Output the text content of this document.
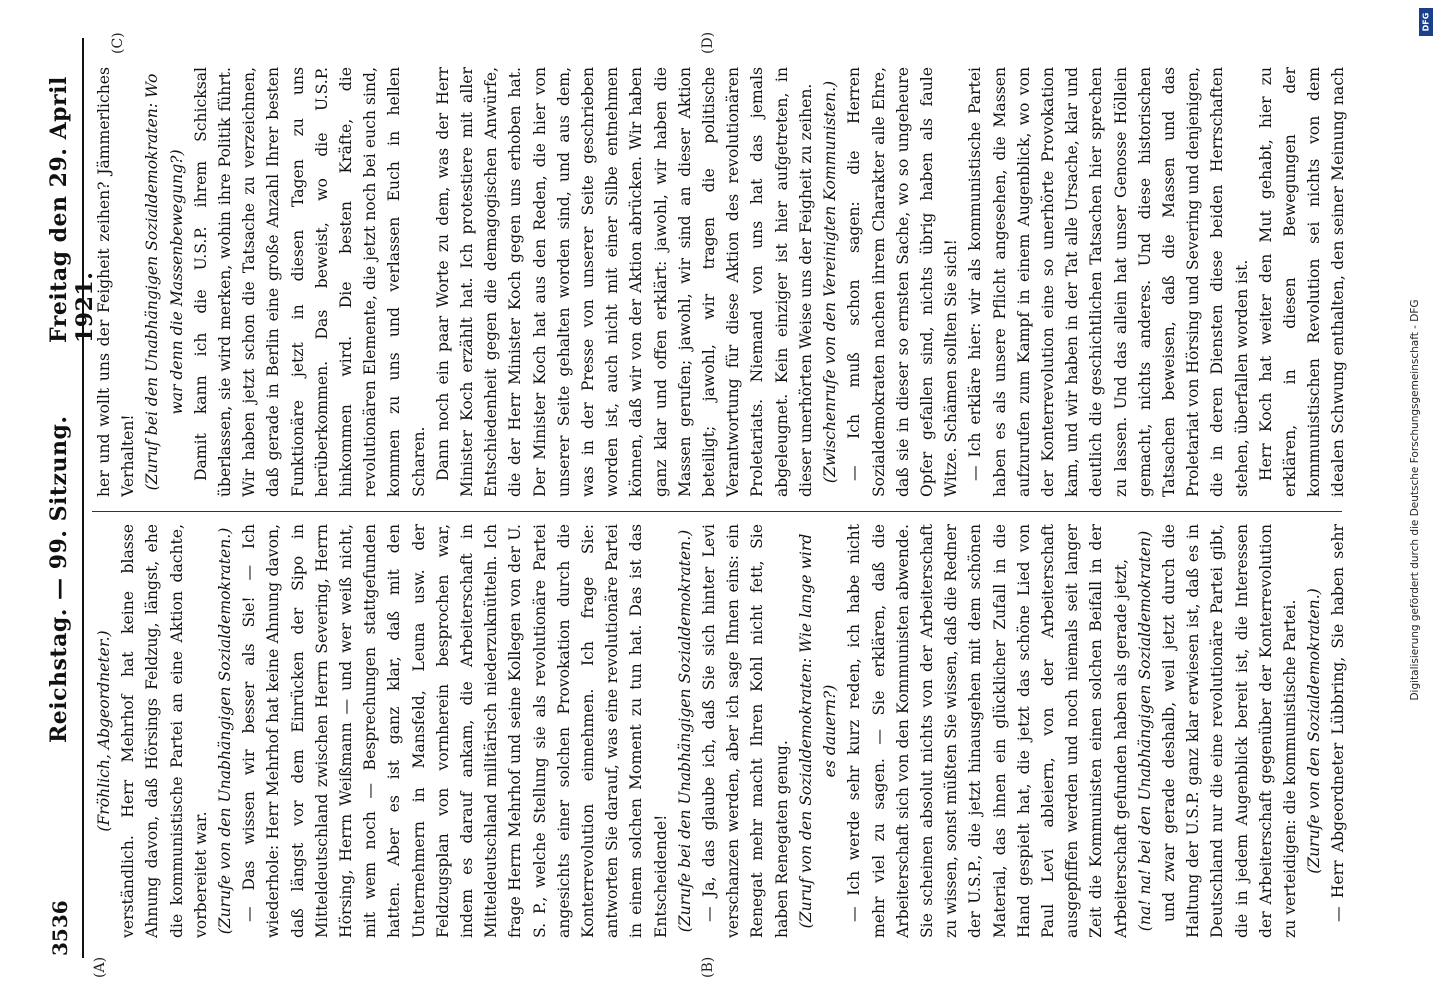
3536
Reichstag. — 99. Sitzung.
Freitag den 29. April 1921.
(A)	(B)
(C)	(D)

(Fröhlich, Abgeordneter.) verständlich. Herr Mehrhof hat keine blasse Ahnung davon, daß Hörsings Feldzug, längst, ehe die kommunistische Partei an eine Aktion dachte, vorbereitet war. (Zurufe von den Unabhängigen Sozialdemokraten.) — Das wissen wir besser als Sie! — Ich wiederhole: Herr Mehrhof hat keine Ahnung davon, daß längst vor dem Einrücken der Sipo in Mitteldeutschland zwischen Herrn Severing, Herrn Hörsing, Herrn Weißmann — und wer weiß nicht, mit wem noch — Besprechungen stattgefunden hatten. Aber es ist ganz klar, daß mit den Unternehmern in Mansfeld, Leuna usw. der Feldzugsplan von vornherein besprochen war, indem es darauf ankam, die Arbeiterschaft in Mitteldeutschland militärisch niederzuknütteln. Ich frage Herrn Mehrhof und seine Kollegen von der U. S. P., welche Stellung sie als revolutionäre Partei angesichts einer solchen Provokation durch die Konterrevolution einnehmen. Ich frage Sie: antworten Sie darauf, was eine revolutionäre Partei in einem solchen Moment zu tun hat. Das ist das Entscheidende! (Zurufe bei den Unabhängigen Sozialdemokraten.) — Ja, das glaube ich, daß Sie sich hinter Levi verschanzen werden, aber ich sage Ihnen eins: ein Renegat mehr macht Ihren Kohl nicht fett, Sie haben Renegaten genug. (Zuruf von den Sozialdemokraten: Wie lange wird es dauern?) — Ich werde sehr kurz reden, ich habe nicht mehr viel zu sagen. — Sie erklären, daß die Arbeiterschaft sich von den Kommunisten abwende. Sie scheinen absolut nichts von der Arbeiterschaft zu wissen, sonst müßten Sie wissen, daß die Redner der U.S.P., die jetzt hinausgehen mit dem schönen Material, das ihnen ein glücklicher Zufall in die Hand gespielt hat, die jetzt das schöne Lied von Paul Levi ableiern, von der Arbeiterschaft ausgepfiffen werden und noch niemals seit langer Zeit die Kommunisten einen solchen Beifall in der Arbeiterschaft gefunden haben als gerade jetzt, (na! na! bei den Unabhängigen Sozialdemokraten) und zwar gerade deshalb, weil jetzt durch die Haltung der U.S.P. ganz klar erwiesen ist, daß es in Deutschland nur die eine revolutionäre Partei gibt, die in jedem Augenblick bereit ist, die Interessen der Arbeiterschaft gegenüber der Konterrevolution zu verteidigen: die kommunistische Partei. (Zurufe von den Sozialdemokraten.)

— Herr Abgeordneter Lübbring, Sie haben sehr

her und wollt uns der Feigheit zeihen? Jämmerliches Verhalten! (Zuruf bei den Unabhängigen Sozialdemokraten: Wo war denn die Massenbewegung?) Damit kann ich die U.S.P. ihrem Schicksal überlassen, sie wird merken, wohin ihre Politik führt. Wir haben jetzt schon die Tatsache zu verzeichnen, daß gerade in Berlin eine große Anzahl Ihrer besten Funktionäre jetzt in diesen Tagen zu uns herüberkommen. Das beweist, wo die U.S.P. hinkommen wird. Die besten Kräfte, die revolutionären Elemente, die jetzt noch bei euch sind, kommen zu uns und verlassen Euch in hellen Scharen. Dann noch ein paar Worte zu dem, was der Herr Minister Koch erzählt hat. Ich protestiere mit aller Entschiedenheit gegen die demagogischen Anwürfe, die der Herr Minister Koch gegen uns erhoben hat. Der Minister Koch hat aus den Reden, die hier von unserer Seite gehalten worden sind, und aus dem, was in der Presse von unserer Seite geschrieben worden ist, auch nicht mit einer Silbe entnehmen können, daß wir von der Aktion abrücken. Wir haben ganz klar und offen erklärt: jawohl, wir haben die Massen gerufen; jawohl, wir sind an dieser Aktion beteiligt; jawohl, wir tragen die politische Verantwortung für diese Aktion des revolutionären Proletariats. Niemand von uns hat das jemals abgeleugnet. Kein einziger ist hier aufgetreten, in dieser unerhörten Weise uns der Feigheit zu zeihen. (Zwischenrufe von den Vereinigten Kommunisten.) — Ich muß schon sagen: die Herren Sozialdemokraten nachen ihrem Charakter alle Ehre, daß sie in dieser so ernsten Sache, wo so ungeheure Opfer gefallen sind, nichts übrig haben als faule Witze. Schämen sollten Sie sich! — Ich erkläre hier: wir als kommunistische Partei haben es als unsere Pflicht angesehen, die Massen aufzurufen zum Kampf in einem Augenblick, wo von der Konterrevolution eine so unerhörte Provokation kam, und wir haben in der Tat alle Ursache, klar und deutlich die geschichtlichen Tatsachen hier sprechen zu lassen. Und das allein hat unser Genosse Höllein gemacht, nichts anderes. Und diese historischen Tatsachen beweisen, daß die Massen und das Proletariat von Hörsing und Severing und denjenigen, die in deren Diensten diese beiden Herrschaften stehen, überfallen worden ist. Herr Koch hat weiter den Mut gehabt, hier zu erklären, in diesen Bewegungen der kommunistischen Revolution sei nichts von dem idealen Schwung enthalten, den seiner Meinung nach

Digitalisierung gefördert durch die Deutsche Forschungsgemeinschaft - DFG
DFG
